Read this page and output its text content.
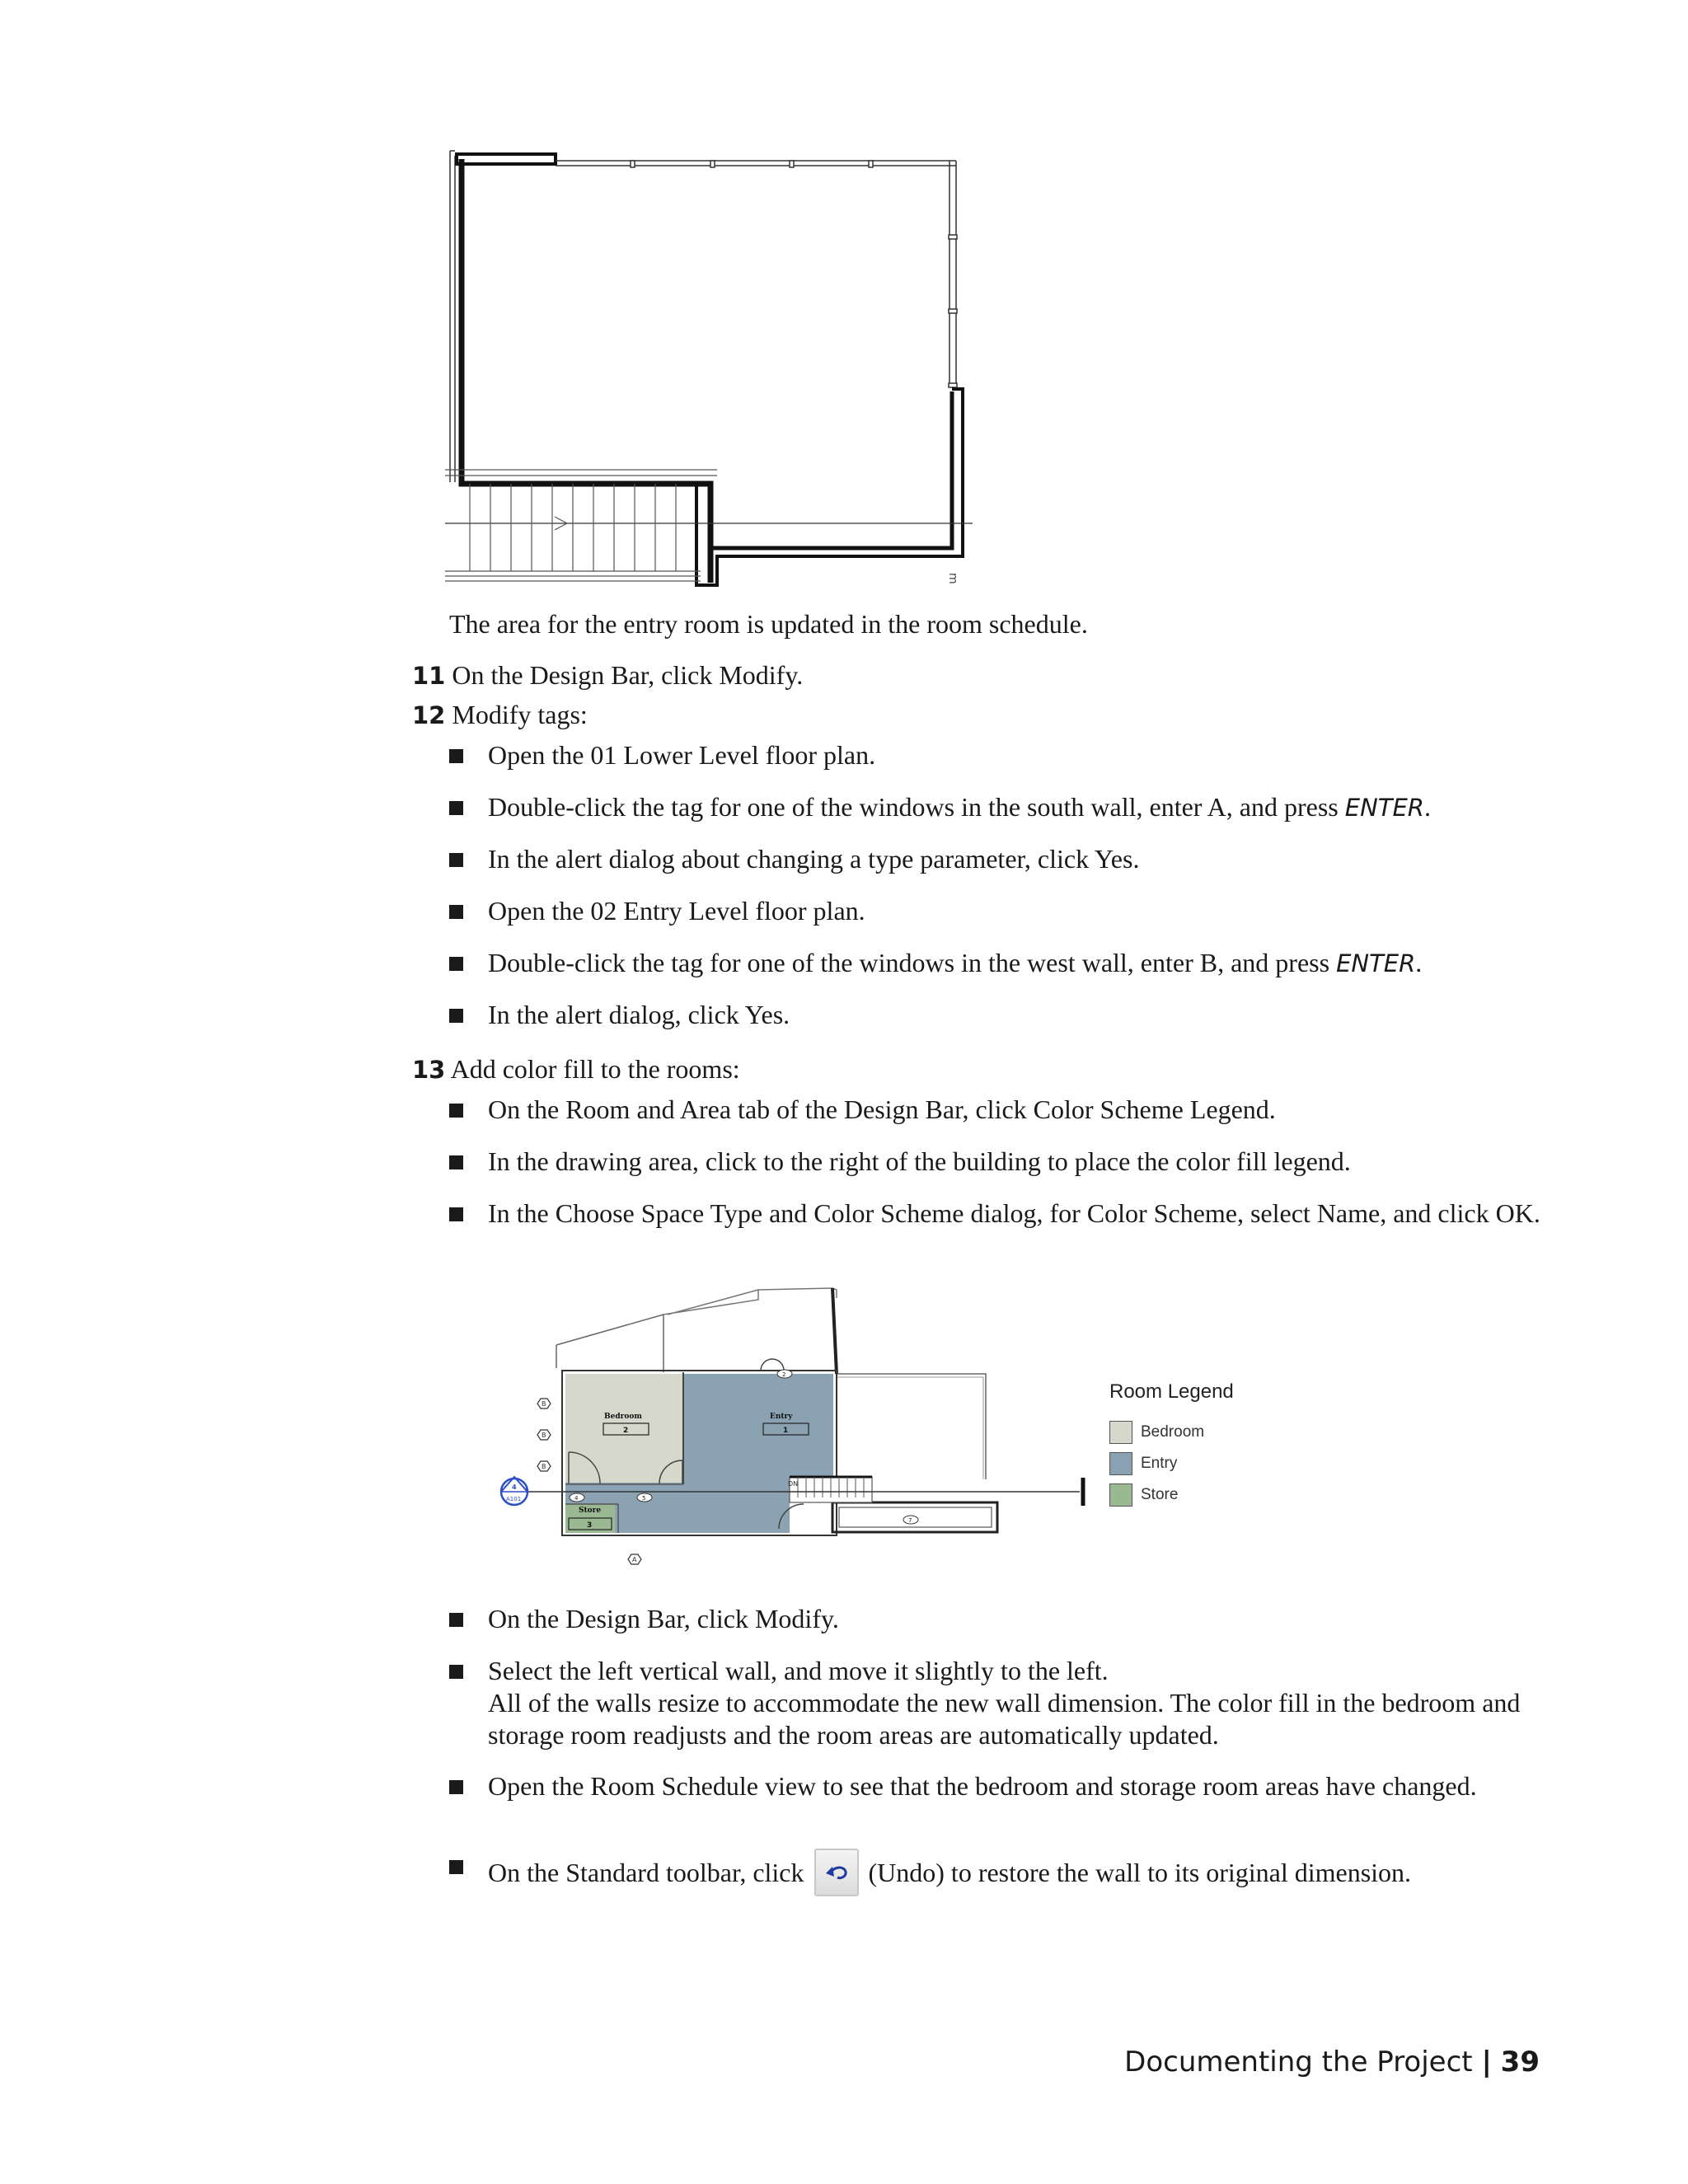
m
The area for the entry room is updated in the room schedule.
11 On the Design Bar, click Modify.
12 Modify tags:
Open the 01 Lower Level floor plan.
Double-click the tag for one of the windows in the south wall, enter A, and press ENTER.
In the alert dialog about changing a type parameter, click Yes.
Open the 02 Entry Level floor plan.
Double-click the tag for one of the windows in the west wall, enter B, and press ENTER.
In the alert dialog, click Yes.
13 Add color fill to the rooms:
On the Room and Area tab of the Design Bar, click Color Scheme Legend.
In the drawing area, click to the right of the building to place the color fill legend.
In the Choose Space Type and Color Scheme dialog, for Color Scheme, select Name, and click OK.
DN
4
A101
B
B
B
A
4	5
7
2
Bedroom
2
Entry
1
Store
3
Room Legend
Bedroom
Entry
Store
On the Design Bar, click Modify.
Select the left vertical wall, and move it slightly to the left.
All of the walls resize to accommodate the new wall dimension. The color fill in the bedroom and storage room readjusts and the room areas are automatically updated.
Open the Room Schedule view to see that the bedroom and storage room areas have changed.
On the Standard toolbar, click (Undo) to restore the wall to its original dimension.
Documenting the Project | 39
